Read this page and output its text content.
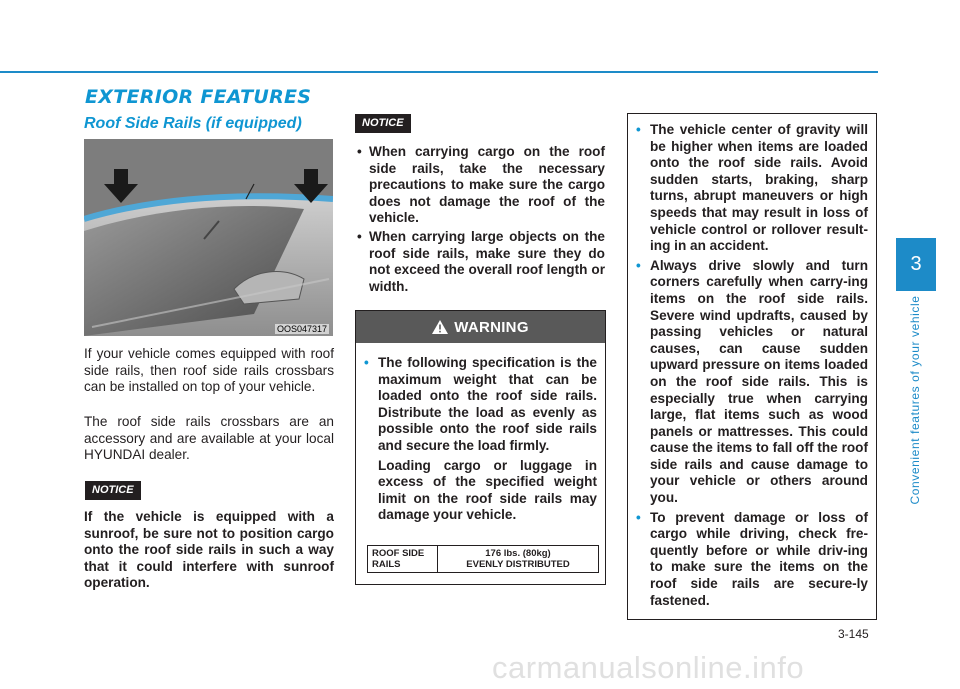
EXTERIOR FEATURES
Roof Side Rails (if equipped)
OOS047317

If your vehicle comes equipped with roof side rails, then roof side rails crossbars can be installed on top of your vehicle.

The roof side rails crossbars are an accessory and are available at your local HYUNDAI dealer.

NOTICE

If the vehicle is equipped with a sunroof, be sure not to position cargo onto the roof side rails in such a way that it could interfere with sunroof operation.

NOTICE
• When carrying cargo on the roof side rails, take the necessary precautions to make sure the cargo does not damage the roof of the vehicle.
• When carrying large objects on the roof side rails, make sure they do not exceed the overall roof length or width.
WARNING
• The following specification is the maximum weight that can be loaded onto the roof side rails. Distribute the load as evenly as possible onto the roof side rails and secure the load firmly.
Loading cargo or luggage in excess of the specified weight limit on the roof side rails may damage your vehicle.
ROOF SIDE
RAILS	176 lbs. (80kg)
EVENLY DISTRIBUTED
• The vehicle center of gravity will be higher when items are loaded onto the roof side rails. Avoid sudden starts, braking, sharp turns, abrupt maneuvers or high speeds that may result in loss of vehicle control or rollover result-ing in an accident.
• Always drive slowly and turn corners carefully when carry-ing items on the roof side rails. Severe wind updrafts, caused by passing vehicles or natural causes, can cause sudden upward pressure on items loaded on the roof side rails. This is especially true when carrying large, flat items such as wood panels or mattresses. This could cause the items to fall off the roof side rails and cause damage to your vehicle or others around you.
• To prevent damage or loss of cargo while driving, check fre-quently before or while driv-ing to make sure the items on the roof side rails are secure-ly fastened.
3
Convenient features of your vehicle
3-145
carmanualsonline.info
